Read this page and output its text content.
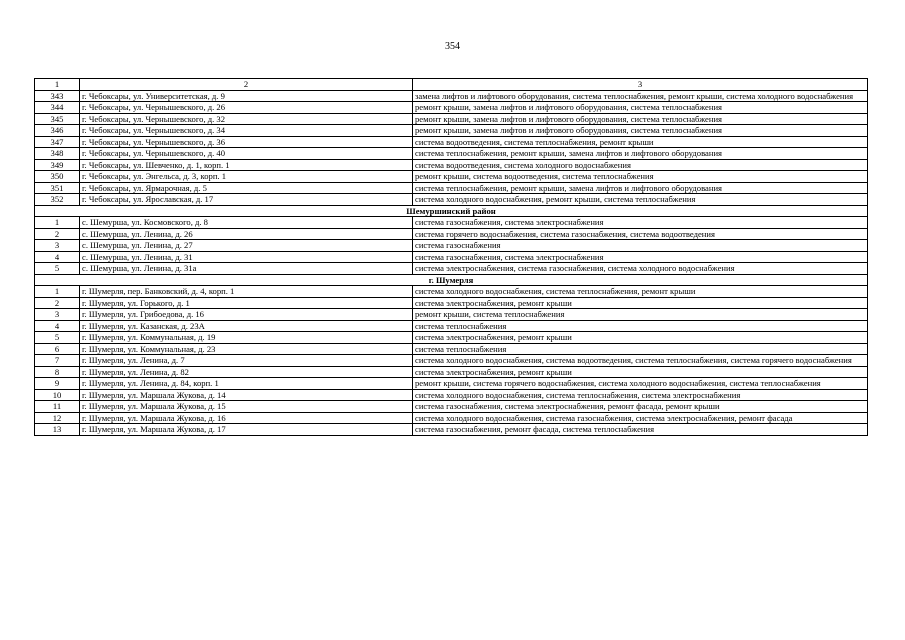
354
1	2	3
343	г. Чебоксары, ул. Университетская, д. 9	замена лифтов и лифтового оборудования, система теплоснабжения, ремонт крыши, система холодного водоснабжения
344	г. Чебоксары, ул. Чернышевского, д. 26	ремонт крыши, замена лифтов и лифтового оборудования, система теплоснабжения
345	г. Чебоксары, ул. Чернышевского, д. 32	ремонт крыши, замена лифтов и лифтового оборудования, система теплоснабжения
346	г. Чебоксары, ул. Чернышевского, д. 34	ремонт крыши, замена лифтов и лифтового оборудования, система теплоснабжения
347	г. Чебоксары, ул. Чернышевского, д. 36	система водоотведения, система теплоснабжения, ремонт крыши
348	г. Чебоксары, ул. Чернышевского, д. 40	система теплоснабжения, ремонт крыши, замена лифтов и лифтового оборудования
349	г. Чебоксары, ул. Шевченко, д. 1, корп. 1	система водоотведения, система холодного водоснабжения
350	г. Чебоксары, ул. Энгельса, д. 3, корп. 1	ремонт крыши, система водоотведения, система теплоснабжения
351	г. Чебоксары, ул. Ярмарочная, д. 5	система теплоснабжения, ремонт крыши, замена лифтов и лифтового оборудования
352	г. Чебоксары, ул. Ярославская, д. 17	система холодного водоснабжения, ремонт крыши, система теплоснабжения
Шемуршинский район		
1	с. Шемурша, ул. Космовского, д. 8	система газоснабжения, система электроснабжения
2	с. Шемурша, ул. Ленина, д. 26	система горячего водоснабжения, система газоснабжения, система водоотведения
3	с. Шемурша, ул. Ленина, д. 27	система газоснабжения
4	с. Шемурша, ул. Ленина, д. 31	система газоснабжения, система электроснабжения
5	с. Шемурша, ул. Ленина, д. 31а	система электроснабжения, система газоснабжения, система холодного водоснабжения
г. Шумерля		
1	г. Шумерля, пер. Банковский, д. 4, корп. 1	система холодного водоснабжения, система теплоснабжения, ремонт крыши
2	г. Шумерля, ул. Горького, д. 1	система электроснабжения, ремонт крыши
3	г. Шумерля, ул. Грибоедова, д. 16	ремонт крыши, система теплоснабжения
4	г. Шумерля, ул. Казанская, д. 23А	система теплоснабжения
5	г. Шумерля, ул. Коммунальная, д. 19	система электроснабжения, ремонт крыши
6	г. Шумерля, ул. Коммунальная, д. 23	система теплоснабжения
7	г. Шумерля, ул. Ленина, д. 7	система холодного водоснабжения, система водоотведения, система теплоснабжения, система горячего водоснабжения
8	г. Шумерля, ул. Ленина, д. 82	система электроснабжения, ремонт крыши
9	г. Шумерля, ул. Ленина, д. 84, корп. 1	ремонт крыши, система горячего водоснабжения, система холодного водоснабжения, система теплоснабжения
10	г. Шумерля, ул. Маршала Жукова, д. 14	система холодного водоснабжения, система теплоснабжения, система электроснабжения
11	г. Шумерля, ул. Маршала Жукова, д. 15	система газоснабжения, система электроснабжения, ремонт фасада, ремонт крыши
12	г. Шумерля, ул. Маршала Жукова, д. 16	система холодного водоснабжения, система газоснабжения, система электроснабжения, ремонт фасада
13	г. Шумерля, ул. Маршала Жукова, д. 17	система газоснабжения, ремонт фасада, система теплоснабжения
